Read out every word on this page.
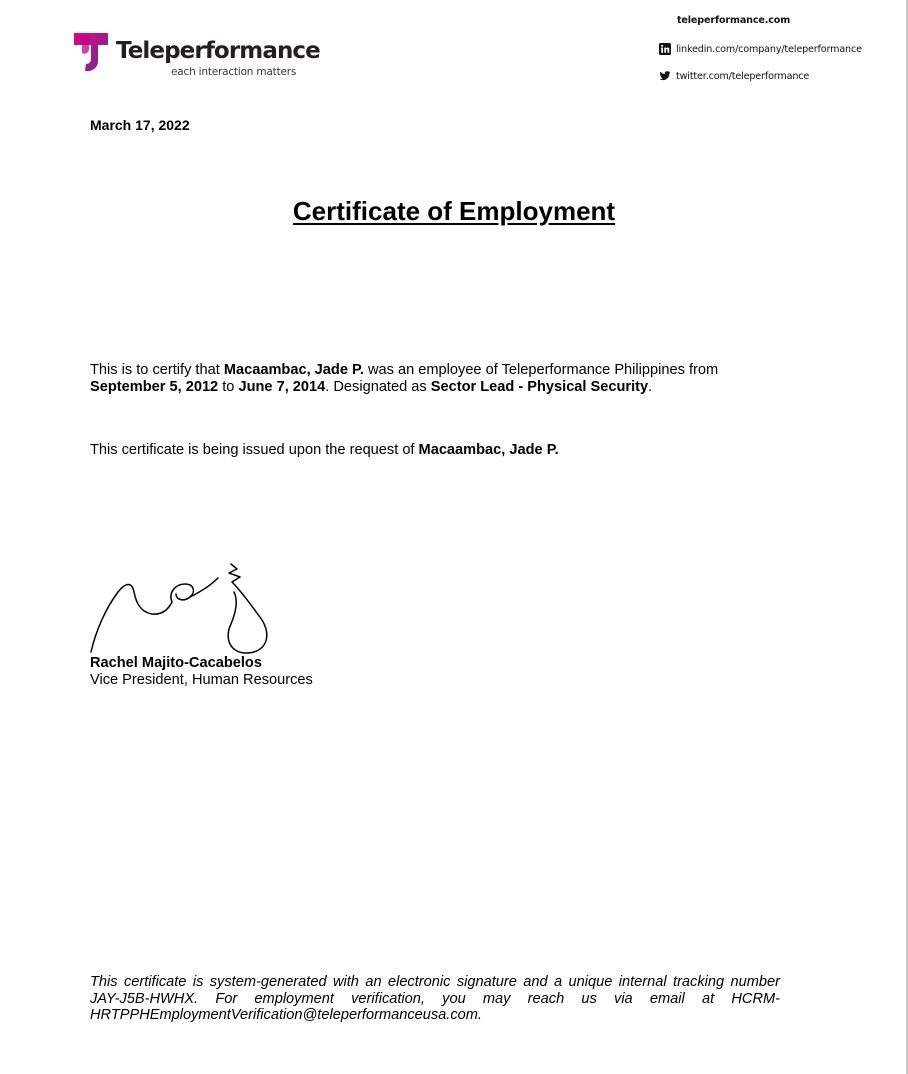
Teleperformance
each interaction matters
teleperformance.com
linkedin.com/company/teleperformance
twitter.com/teleperformance
March 17, 2022
Certificate of Employment
This is to certify that Macaambac, Jade P. was an employee of Teleperformance Philippines from September 5, 2012 to June 7, 2014. Designated as Sector Lead - Physical Security.
This certificate is being issued upon the request of Macaambac, Jade P.
Rachel Majito-Cacabelos
Vice President, Human Resources
This certificate is system-generated with an electronic signature and a unique internal tracking number JAY-J5B-HWHX. For employment verification, you may reach us via email at HCRM-HRTPPHEmploymentVerification@teleperformanceusa.com.
